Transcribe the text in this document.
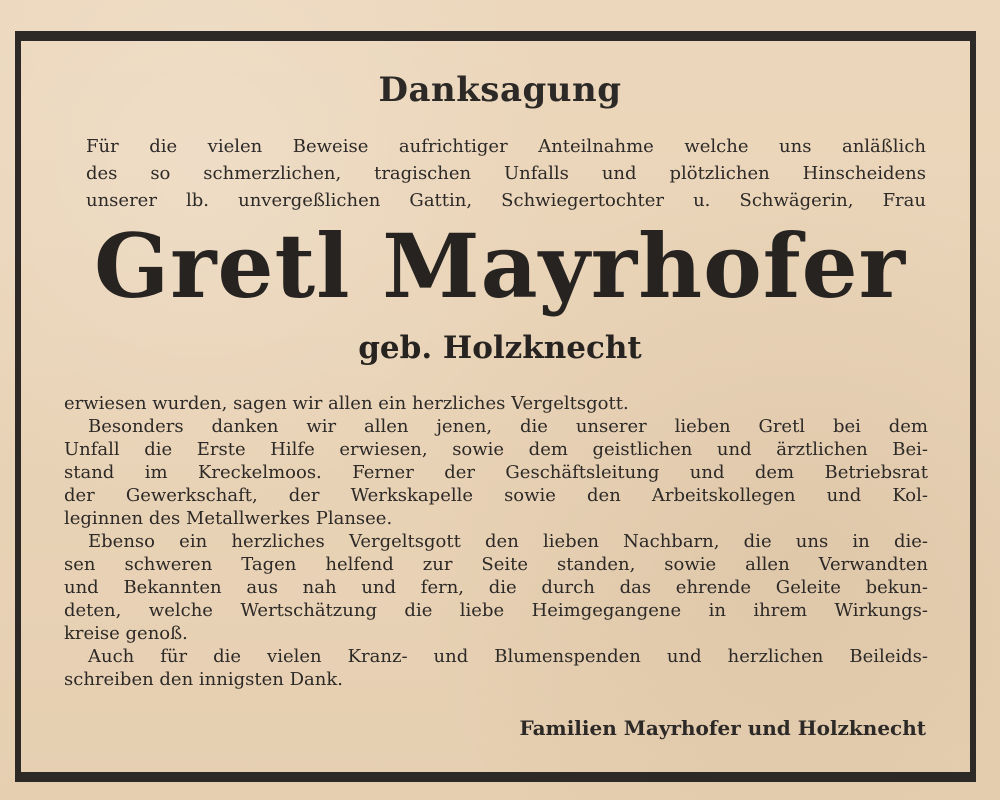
Danksagung
Für die vielen Beweise aufrichtiger Anteilnahme welche uns anläßlich
des so schmerzlichen, tragischen Unfalls und plötzlichen Hinscheidens
unserer lb. unvergeßlichen Gattin, Schwiegertochter u. Schwägerin, Frau
Gretl Mayrhofer
geb. Holzknecht
erwiesen wurden, sagen wir allen ein herzliches Vergeltsgott.
Besonders danken wir allen jenen, die unserer lieben Gretl bei dem
Unfall die Erste Hilfe erwiesen, sowie dem geistlichen und ärztlichen Bei-
stand im Kreckelmoos. Ferner der Geschäftsleitung und dem Betriebsrat
der Gewerkschaft, der Werkskapelle sowie den Arbeitskollegen und Kol-
leginnen des Metallwerkes Plansee.
Ebenso ein herzliches Vergeltsgott den lieben Nachbarn, die uns in die-
sen schweren Tagen helfend zur Seite standen, sowie allen Verwandten
und Bekannten aus nah und fern, die durch das ehrende Geleite bekun-
deten, welche Wertschätzung die liebe Heimgegangene in ihrem Wirkungs-
kreise genoß.
Auch für die vielen Kranz- und Blumenspenden und herzlichen Beileids-
schreiben den innigsten Dank.
Familien Mayrhofer und Holzknecht
